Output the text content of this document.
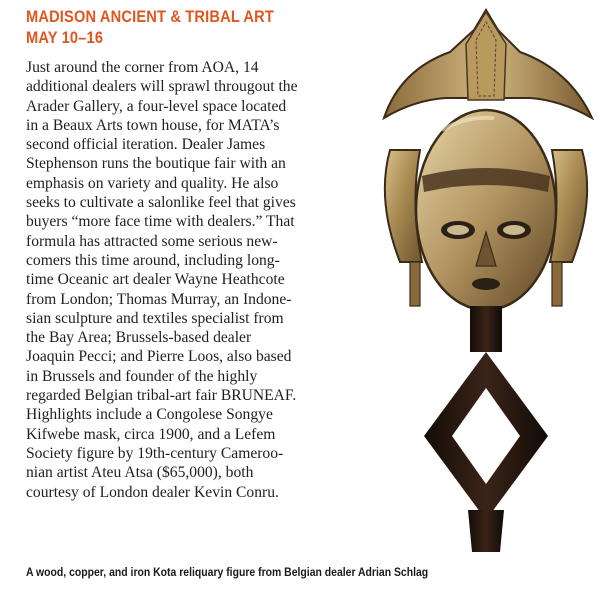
MADISON ANCIENT & TRIBAL ART
MAY 10–16
Just around the corner from AOA, 14
additional dealers will sprawl througout the
Arader Gallery, a four-level space located
in a Beaux Arts town house, for MATA’s
second official iteration. Dealer James
Stephenson runs the boutique fair with an
emphasis on variety and quality. He also
seeks to cultivate a salonlike feel that gives
buyers “more face time with dealers.” That
formula has attracted some serious new-
comers this time around, including long-
time Oceanic art dealer Wayne Heathcote
from London; Thomas Murray, an Indone-
sian sculpture and textiles specialist from
the Bay Area; Brussels-based dealer
Joaquin Pecci; and Pierre Loos, also based
in Brussels and founder of the highly
regarded Belgian tribal-art fair BRUNEAF.
Highlights include a Congolese Songye
Kifwebe mask, circa 1900, and a Lefem
Society figure by 19th-century Cameroo-
nian artist Ateu Atsa ($65,000), both
courtesy of London dealer Kevin Conru.
A wood, copper, and iron Kota reliquary figure from Belgian dealer Adrian Schlag
